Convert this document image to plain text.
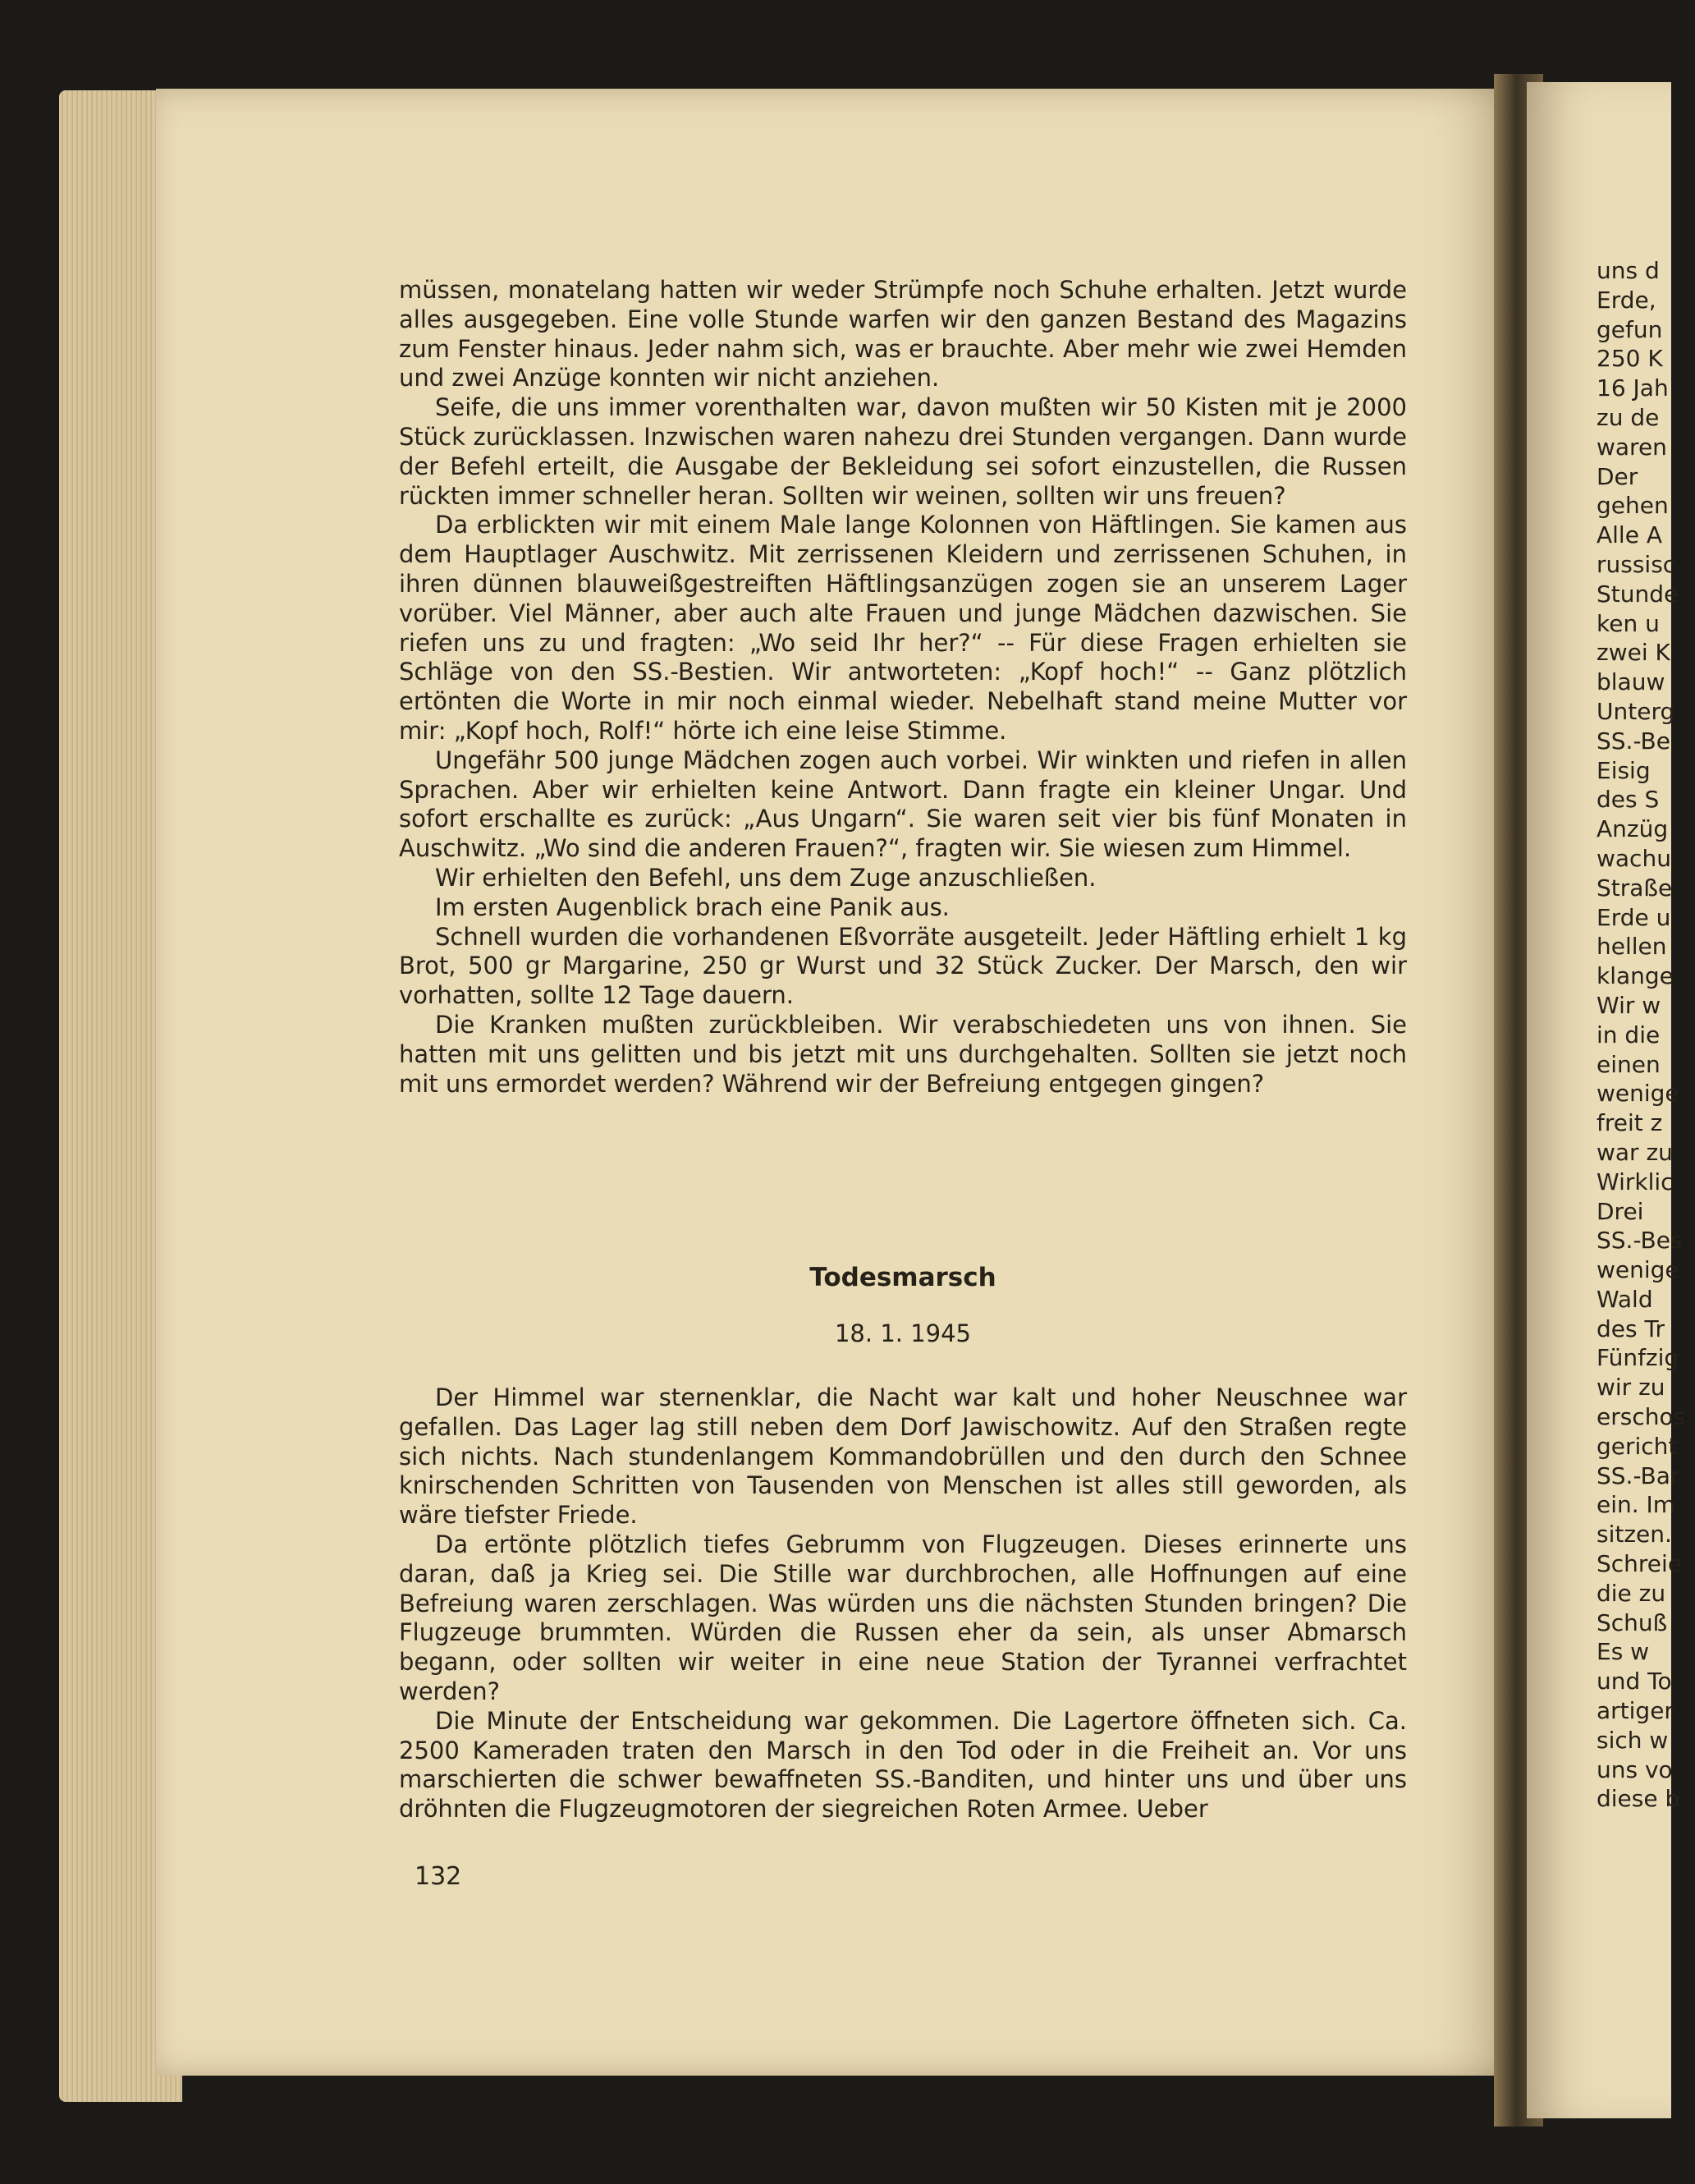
müssen, monatelang hatten wir weder Strümpfe noch Schuhe erhalten. Jetzt wurde alles ausgegeben. Eine volle Stunde warfen wir den ganzen Bestand des Magazins zum Fenster hinaus. Jeder nahm sich, was er brauchte. Aber mehr wie zwei Hemden und zwei Anzüge konnten wir nicht anziehen.

Seife, die uns immer vorenthalten war, davon mußten wir 50 Kisten mit je 2000 Stück zurücklassen. Inzwischen waren nahezu drei Stunden vergangen. Dann wurde der Befehl erteilt, die Ausgabe der Bekleidung sei sofort einzustellen, die Russen rückten immer schneller heran. Sollten wir weinen, sollten wir uns freuen?

Da erblickten wir mit einem Male lange Kolonnen von Häftlingen. Sie kamen aus dem Hauptlager Auschwitz. Mit zerrissenen Kleidern und zerrissenen Schuhen, in ihren dünnen blauweißgestreiften Häftlingsanzügen zogen sie an unserem Lager vorüber. Viel Männer, aber auch alte Frauen und junge Mädchen dazwischen. Sie riefen uns zu und fragten: „Wo seid Ihr her?“ -- Für diese Fragen erhielten sie Schläge von den SS.-Bestien. Wir antworteten: „Kopf hoch!“ -- Ganz plötzlich ertönten die Worte in mir noch einmal wieder. Nebelhaft stand meine Mutter vor mir: „Kopf hoch, Rolf!“ hörte ich eine leise Stimme.

Ungefähr 500 junge Mädchen zogen auch vorbei. Wir winkten und riefen in allen Sprachen. Aber wir erhielten keine Antwort. Dann fragte ein kleiner Ungar. Und sofort erschallte es zurück: „Aus Ungarn“. Sie waren seit vier bis fünf Monaten in Auschwitz. „Wo sind die anderen Frauen?“, fragten wir. Sie wiesen zum Himmel.

Wir erhielten den Befehl, uns dem Zuge anzuschließen.

Im ersten Augenblick brach eine Panik aus.

Schnell wurden die vorhandenen Eßvorräte ausgeteilt. Jeder Häftling erhielt 1 kg Brot, 500 gr Margarine, 250 gr Wurst und 32 Stück Zucker. Der Marsch, den wir vorhatten, sollte 12 Tage dauern.

Die Kranken mußten zurückbleiben. Wir verabschiedeten uns von ihnen. Sie hatten mit uns gelitten und bis jetzt mit uns durchgehalten. Sollten sie jetzt noch mit uns ermordet werden? Während wir der Befreiung entgegen gingen?

Todesmarsch
18. 1. 1945

Der Himmel war sternenklar, die Nacht war kalt und hoher Neuschnee war gefallen. Das Lager lag still neben dem Dorf Jawischowitz. Auf den Straßen regte sich nichts. Nach stundenlangem Kommandobrüllen und den durch den Schnee knirschenden Schritten von Tausenden von Menschen ist alles still geworden, als wäre tiefster Friede.

Da ertönte plötzlich tiefes Gebrumm von Flugzeugen. Dieses erinnerte uns daran, daß ja Krieg sei. Die Stille war durchbrochen, alle Hoffnungen auf eine Befreiung waren zerschlagen. Was würden uns die nächsten Stunden bringen? Die Flugzeuge brummten. Würden die Russen eher da sein, als unser Abmarsch begann, oder sollten wir weiter in eine neue Station der Tyrannei verfrachtet werden?

Die Minute der Entscheidung war gekommen. Die Lagertore öffneten sich. Ca. 2500 Kameraden traten den Marsch in den Tod oder in die Freiheit an. Vor uns marschierten die schwer bewaffneten SS.-Banditen, und hinter uns und über uns dröhnten die Flugzeugmotoren der siegreichen Roten Armee. Ueber

132
uns d
Erde,
gefun
250 K
16 Jah
zu de
waren
Der
gehen
Alle A
russisc
Stunde
ken u
zwei K
blauw
Unterg
SS.-Be
Eisig
des S
Anzüg
wachu
Straße
Erde u
hellen
klange
Wir w
in die
einen
wenige
freit z
war zu
Wirklic
Drei
SS.-Bes
wenige
Wald
des Tr
Fünfzig
wir zu
erschos
gericht
SS.-Bar
ein. Im
sitzen.
Schreie
die zu
Schuß
Es w
und To
artiger
sich w
uns vo
diese b
